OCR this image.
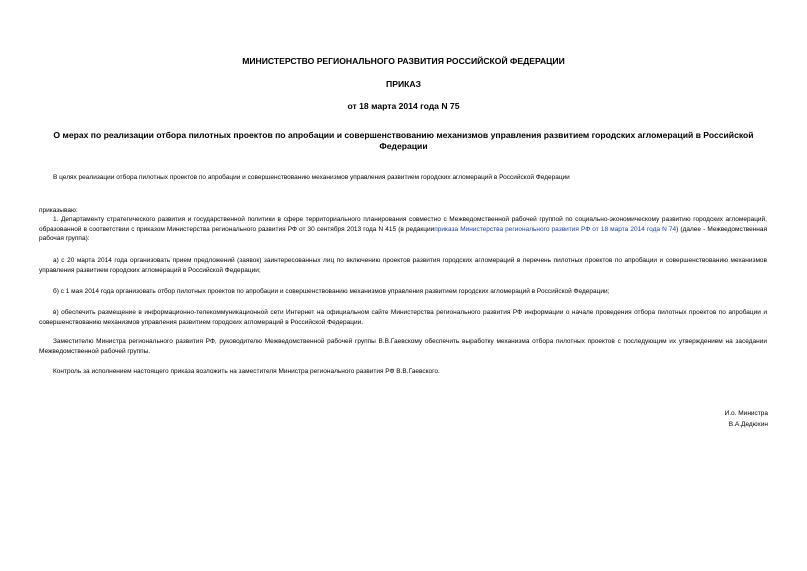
МИНИСТЕРСТВО РЕГИОНАЛЬНОГО РАЗВИТИЯ РОССИЙСКОЙ ФЕДЕРАЦИИ
ПРИКАЗ
от 18 марта 2014 года N 75
О мерах по реализации отбора пилотных проектов по апробации и совершенствованию механизмов управления развитием городских агломераций в Российской Федерации
В целях реализации отбора пилотных проектов по апробации и совершенствованию механизмов управления развитием городских агломераций в Российской Федерации
приказываю:
1. Департаменту стратегического развития и государственной политики в сфере территориального планирования совместно с Межведомственной рабочей группой по социально-экономическому развитию городских агломераций, образованной в соответствии с приказом Министерства регионального развития РФ от 30 сентября 2013 года N 415 (в редакцииприказа Министерства регионального развития РФ от 18 марта 2014 года N 74) (далее - Межведомственная рабочая группа):
а) с 20 марта 2014 года организовать прием предложений (заявок) заинтересованных лиц по включению проектов развития городских агломераций в перечень пилотных проектов по апробации и совершенствованию механизмов управления развитием городских агломераций в Российской Федерации;
б) с 1 мая 2014 года организовать отбор пилотных проектов по апробации и совершенствованию механизмов управления развитием городских агломераций в Российской Федерации;
в) обеспечить размещение в информационно-телекоммуникационной сети Интернет на официальном сайте Министерства регионального развития РФ информации о начале проведения отбора пилотных проектов по апробации и совершенствованию механизмов управления развитием городских агломераций в Российской Федерации.
Заместителю Министра регионального развития РФ, руководителю Межведомственной рабочей группы В.В.Гаевскому обеспечить выработку механизма отбора пилотных проектов с последующим их утверждением на заседании Межведомственной рабочей группы.
Контроль за исполнением настоящего приказа возложить на заместителя Министра регионального развития РФ В.В.Гаевского.
И.о. Министра
В.А.Дедюхин
